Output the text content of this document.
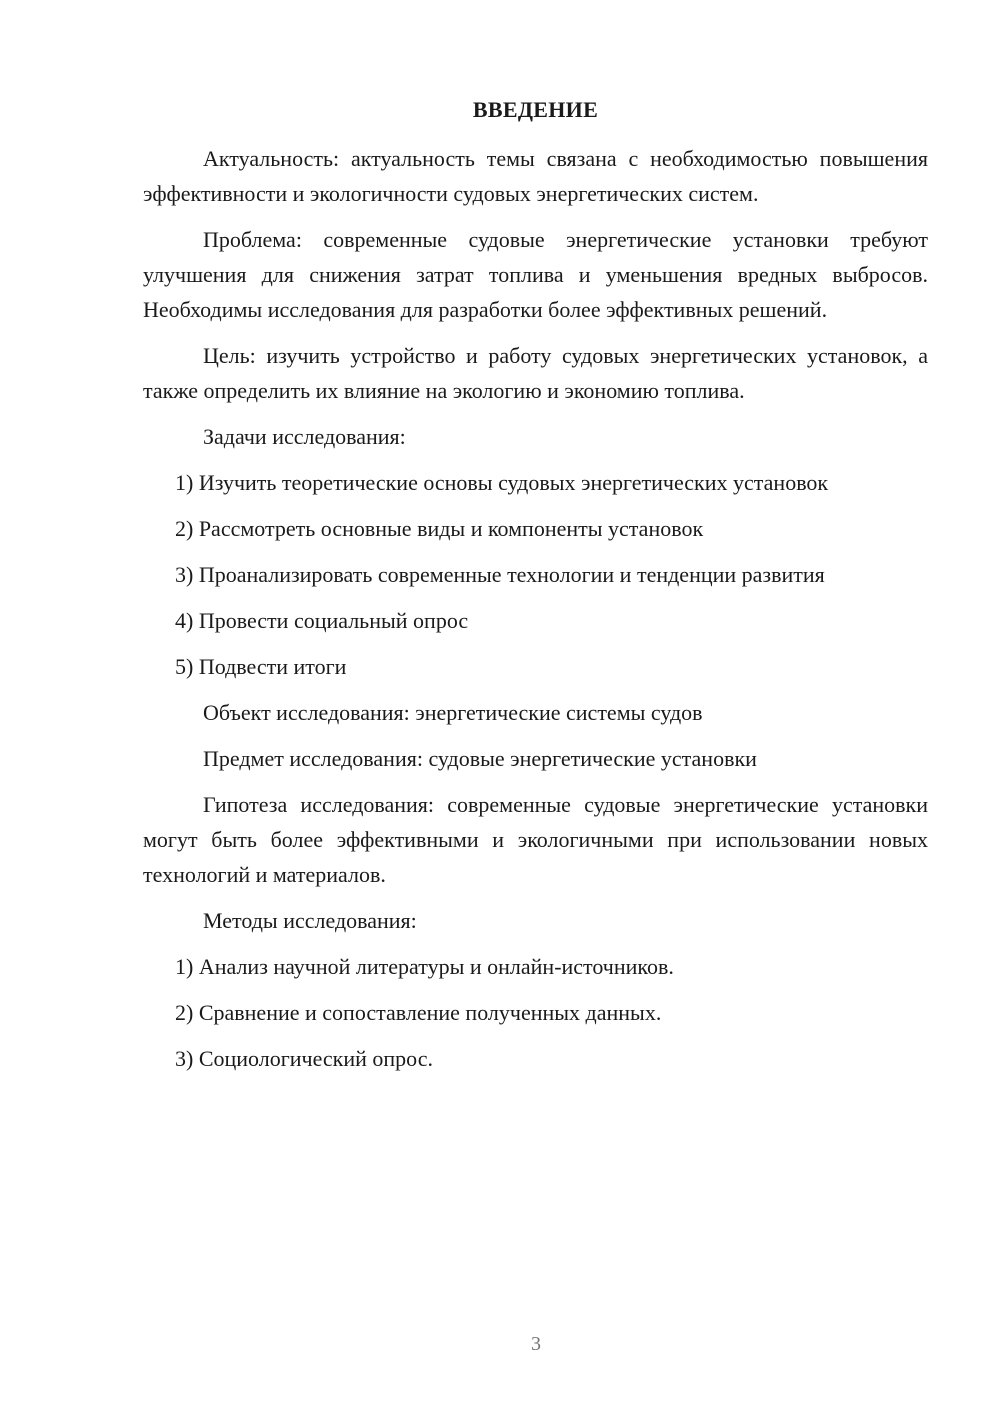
ВВЕДЕНИЕ

Актуальность: актуальность темы связана с необходимостью повышения эффективности и экологичности судовых энергетических систем.

Проблема: современные судовые энергетические установки требуют улучшения для снижения затрат топлива и уменьшения вредных выбросов. Необходимы исследования для разработки более эффективных решений.

Цель: изучить устройство и работу судовых энергетических установок, а также определить их влияние на экологию и экономию топлива.

Задачи исследования:

1) Изучить теоретические основы судовых энергетических установок
2) Рассмотреть основные виды и компоненты установок
3) Проанализировать современные технологии и тенденции развития
4) Провести социальный опрос
5) Подвести итоги

Объект исследования: энергетические системы судов

Предмет исследования: судовые энергетические установки

Гипотеза исследования: современные судовые энергетические установки могут быть более эффективными и экологичными при использовании новых технологий и материалов.

Методы исследования:

1) Анализ научной литературы и онлайн-источников.
2) Сравнение и сопоставление полученных данных.
3) Социологический опрос.
3
